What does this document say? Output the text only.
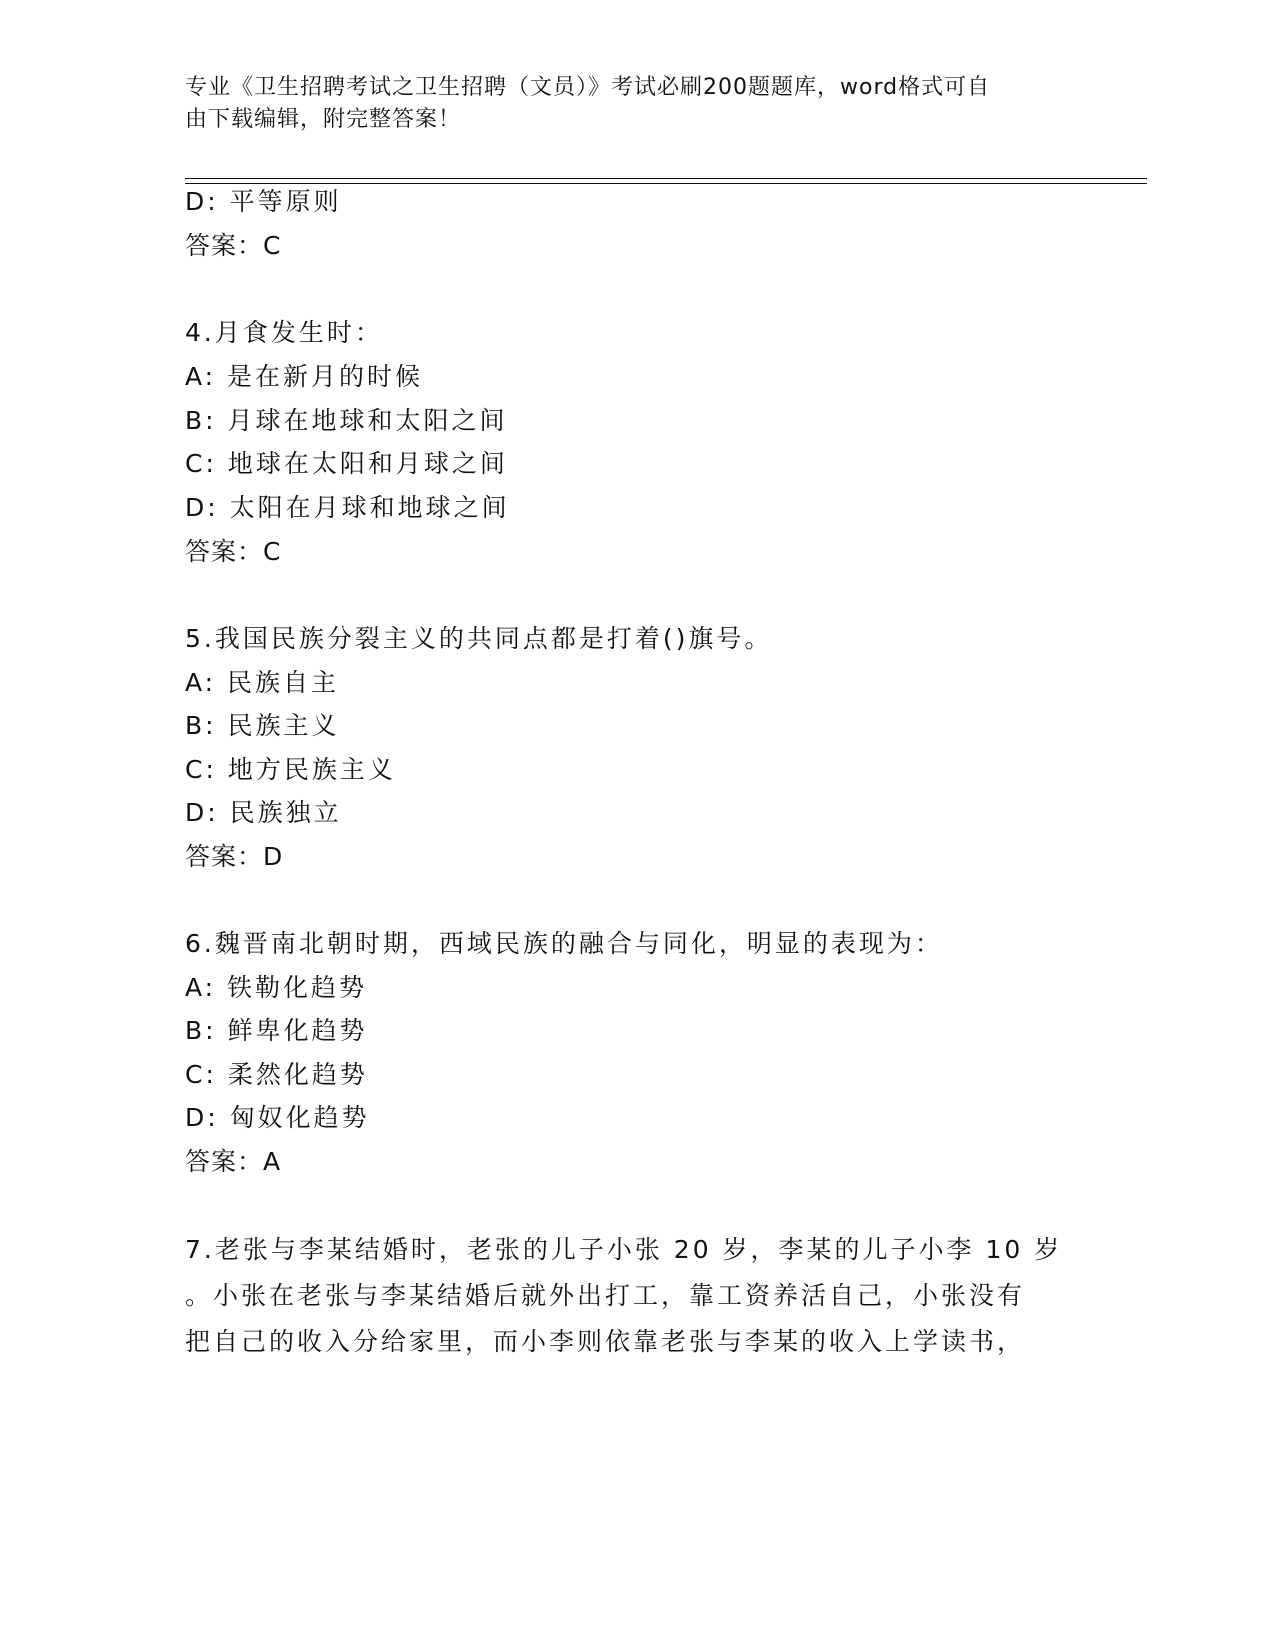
专业《卫生招聘考试之卫生招聘（文员）》考试必刷200题题库，word格式可自
由下载编辑，附完整答案！
D: 平等原则
答案：C
4.月食发生时：
A: 是在新月的时候
B: 月球在地球和太阳之间
C: 地球在太阳和月球之间
D: 太阳在月球和地球之间
答案：C
5.我国民族分裂主义的共同点都是打着()旗号。
A: 民族自主
B: 民族主义
C: 地方民族主义
D: 民族独立
答案：D
6.魏晋南北朝时期，西域民族的融合与同化，明显的表现为：
A: 铁勒化趋势
B: 鲜卑化趋势
C: 柔然化趋势
D: 匈奴化趋势
答案：A
7.老张与李某结婚时，老张的儿子小张 20 岁，李某的儿子小李 10 岁
。小张在老张与李某结婚后就外出打工，靠工资养活自己，小张没有
把自己的收入分给家里，而小李则依靠老张与李某的收入上学读书，
